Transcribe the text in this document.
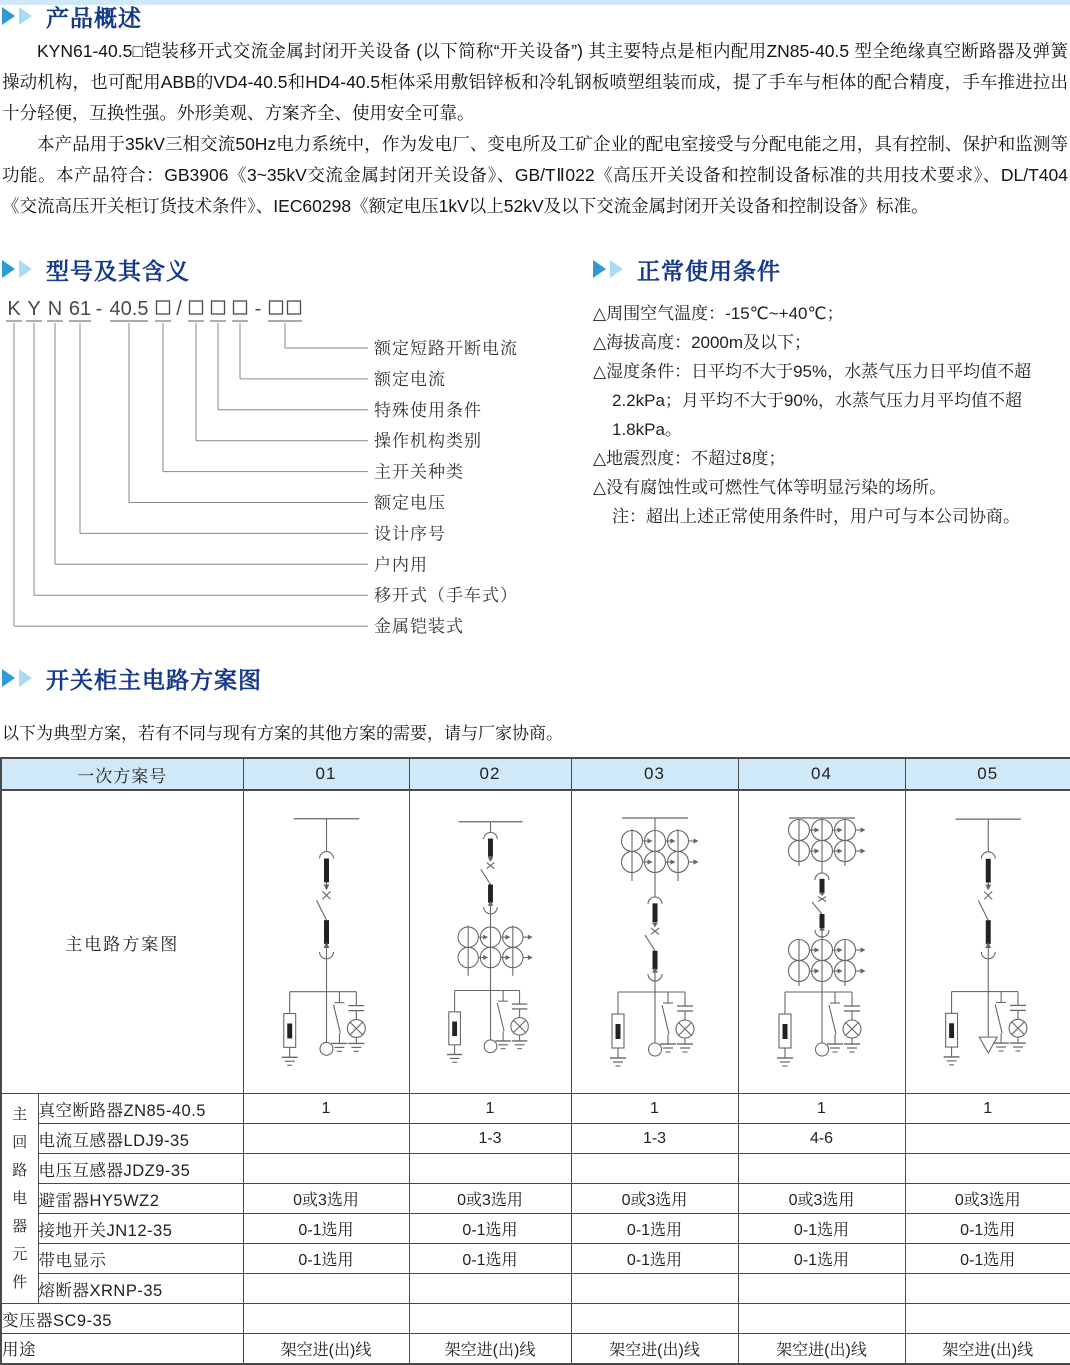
产品概述

KYN61-40.5□铠装移开式交流金属封闭开关设备 (以下简称“开关设备”) 其主要特点是柜内配用ZN85-40.5 型全绝缘真空断路器及弹簧操动机构，也可配用ABB的VD4-40.5和HD4-40.5柜体采用敷铝锌板和冷轧钢板喷塑组装而成，提了手车与柜体的配合精度，手车推进拉出十分轻便，互换性强。外形美观、方案齐全、使用安全可靠。

本产品用于35kV三相交流50Hz电力系统中，作为发电厂、变电所及工矿企业的配电室接受与分配电能之用，具有控制、保护和监测等功能。本产品符合：GB3906《3~35kV交流金属封闭开关设备》、GB/TⅡ022《高压开关设备和控制设备标准的共用技术要求》、DL/T404《交流高压开关柜订货技术条件》、IEC60298《额定电压1kV以上52kV及以下交流金属封闭开关设备和控制设备》标准。

型号及其含义	正常使用条件
K Y N 61 - 40.5 /	-
额定短路开断电流
额定电流
特殊使用条件
操作机构类别
主开关种类
额定电压
设计序号
户内用
移开式（手车式）
金属铠装式
△周围空气温度：-15℃~+40℃；
△海拔高度：2000m及以下；
△湿度条件：日平均不大于95%，水蒸气压力日平均值不超
2.2kPa；月平均不大于90%，水蒸气压力月平均值不超
1.8kPa。
△地震烈度：不超过8度；
△没有腐蚀性或可燃性气体等明显污染的场所。
注：超出上述正常使用条件时，用户可与本公司协商。
开关柜主电路方案图
以下为典型方案，若有不同与现有方案的其他方案的需要，请与厂家协商。
一次方案号		01	02	03	04	05
主电路方案图	

主
回
路
电
器
元
件	真空断路器ZN85-40.5	1	1	1	1	1
	电流互感器LDJ9-35		1-3	1-3	4-6	
	电压互感器JDZ9-35					
	避雷器HY5WZ2	0或3选用	0或3选用	0或3选用	0或3选用	0或3选用
	接地开关JN12-35	0-1选用	0-1选用	0-1选用	0-1选用	0-1选用
	带电显示	0-1选用	0-1选用	0-1选用	0-1选用	0-1选用
	熔断器XRNP-35					
变压器SC9-35						
用途		架空进(出)线	架空进(出)线	架空进(出)线	架空进(出)线	架空进(出)线
